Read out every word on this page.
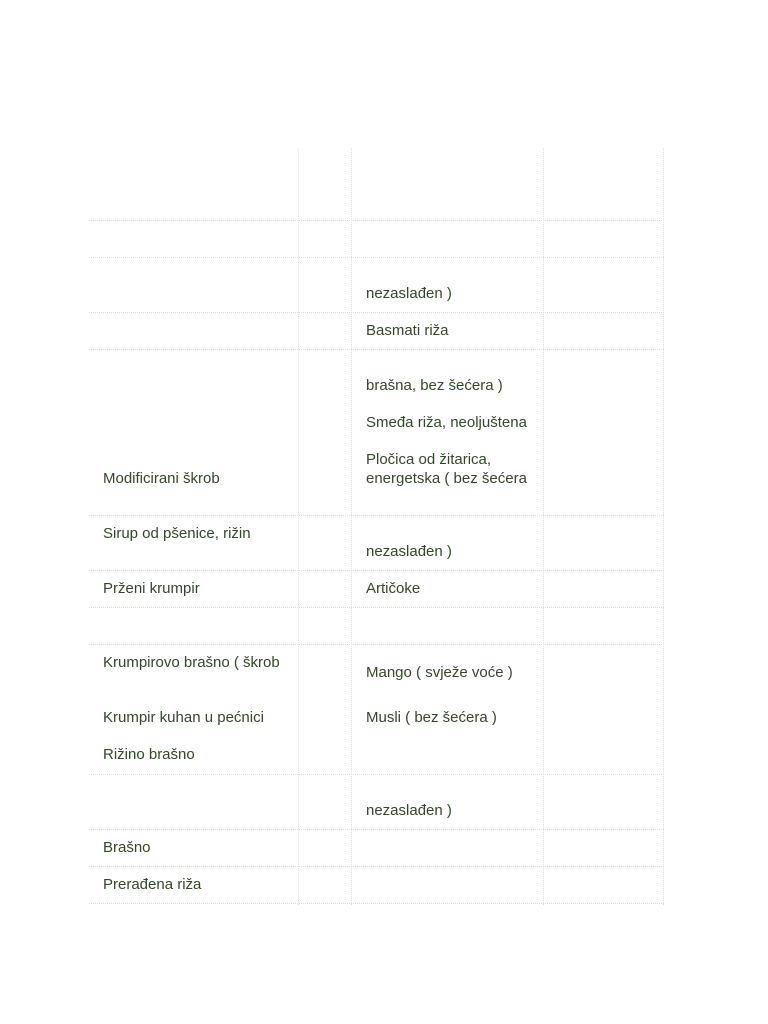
Modificirani škrob
Sirup od pšenice, rižin
Prženi krumpir
Krumpirovo brašno ( škrob
Krumpir kuhan u pećnici
Rižino brašno
Brašno
Prerađena riža
nezaslađen )
Basmati riža
brašna, bez šećera )
Smeđa riža, neoljuštena
Pločica od žitarica,
energetska ( bez šećera
nezaslađen )
Artičoke
Mango ( svježe voće )
Musli ( bez šećera )
nezaslađen )
